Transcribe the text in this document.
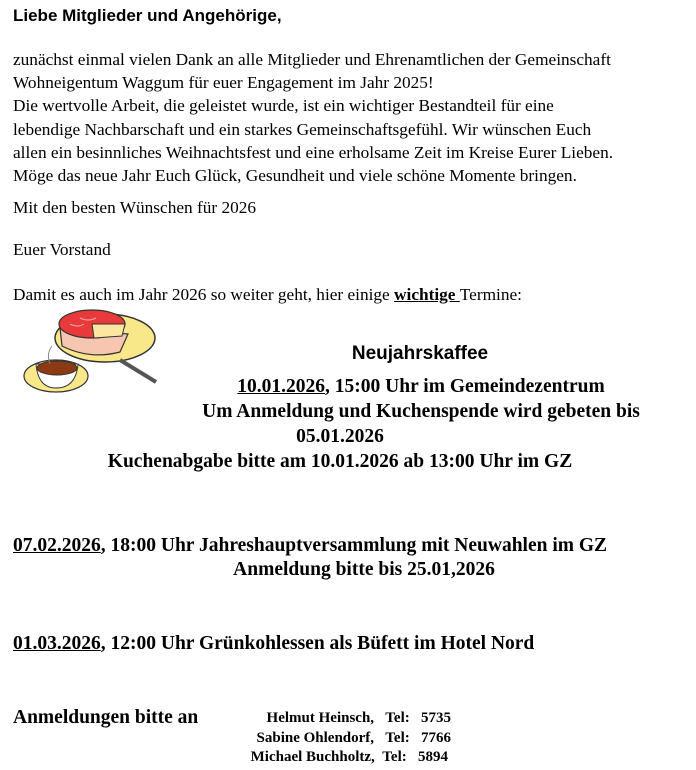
Liebe Mitglieder und Angehörige,
zunächst einmal vielen Dank an alle Mitglieder und Ehrenamtlichen der Gemeinschaft
Wohneigentum Waggum für euer Engagement im Jahr 2025!
Die wertvolle Arbeit, die geleistet wurde, ist ein wichtiger Bestandteil für eine
lebendige Nachbarschaft und ein starkes Gemeinschaftsgefühl. Wir wünschen Euch
allen ein besinnliches Weihnachtsfest und eine erholsame Zeit im Kreise Eurer Lieben.
Möge das neue Jahr Euch Glück, Gesundheit und viele schöne Momente bringen.
Mit den besten Wünschen für 2026
Euer Vorstand
Damit es auch im Jahr 2026 so weiter geht, hier einige wichtige Termine:
Neujahrskaffee
10.01.2026, 15:00 Uhr im Gemeindezentrum
Um Anmeldung und Kuchenspende wird gebeten bis
05.01.2026
Kuchenabgabe bitte am 10.01.2026 ab 13:00 Uhr im GZ
07.02.2026, 18:00 Uhr Jahreshauptversammlung mit Neuwahlen im GZ
Anmeldung bitte bis 25.01,2026
01.03.2026, 12:00 Uhr Grünkohlessen als Büfett im Hotel Nord
Anmeldungen bitte an	Helmut Heinsch, Tel: 5735
Sabine Ohlendorf, Tel: 7766
Michael Buchholtz, Tel: 5894
